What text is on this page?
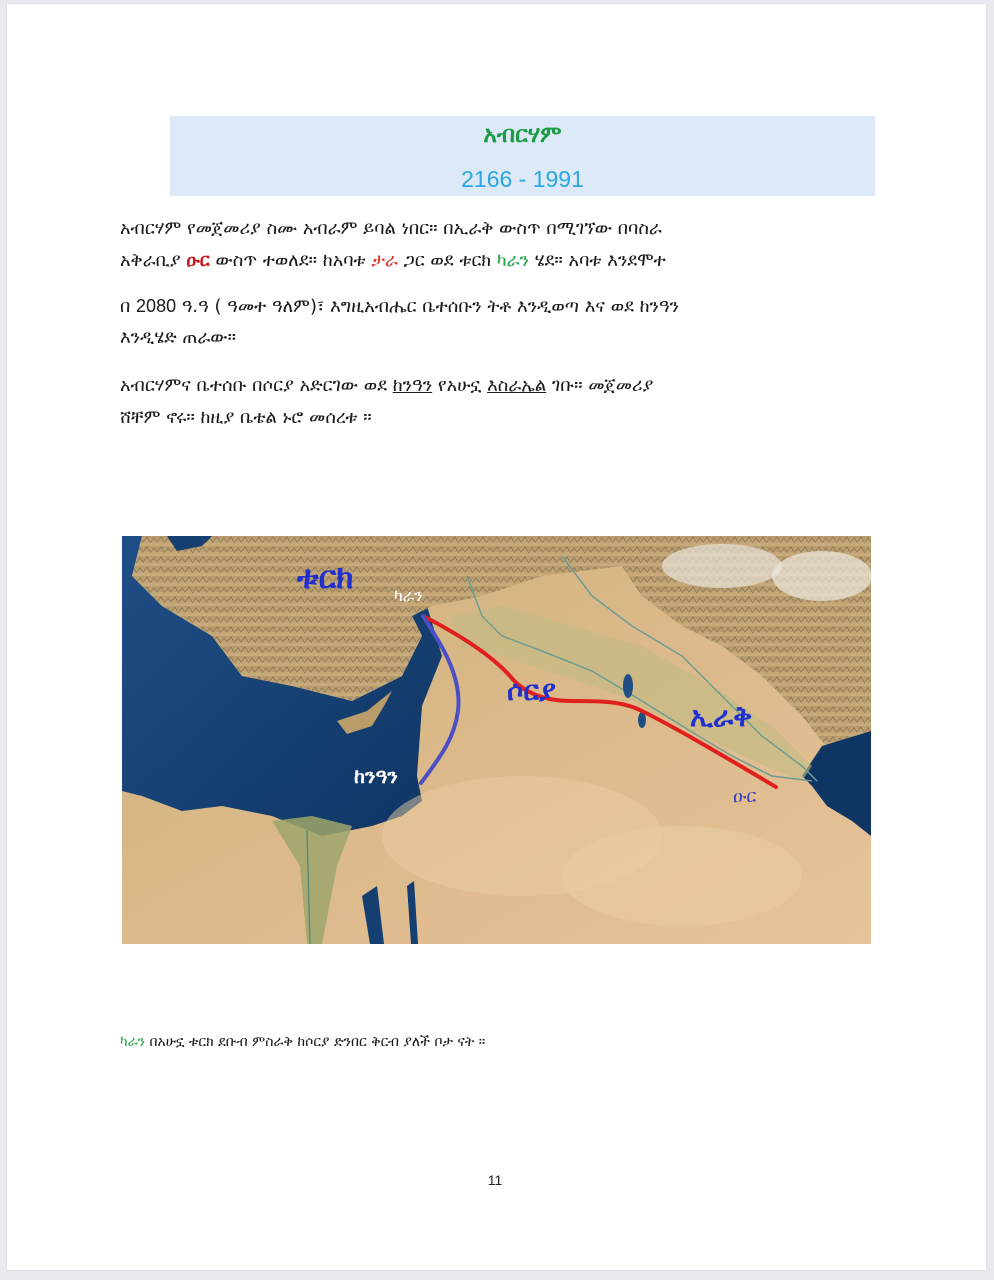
አብርሃም
2166 - 1991
አብርሃም የመጀመሪያ ስሙ አብራም ይባል ነበር። በኢራቅ ውስጥ በሚገኘው በባስራ
አቅራቢያ ዑር ውስጥ ተወለደ። ከአባቱ ታራ ጋር ወደ ቱርክ ካራን ሄደ። አባቱ እንደሞተ
በ 2080 ዓ.ዓ ( ዓመተ ዓለም)፣ እግዚአብሔር ቤተሰቡን ትቶ እንዲወጣ እና ወደ ከንዓን
እንዲሄድ ጠራው።
አብርሃምና ቤተሰቡ በሶርያ አድርገው ወደ ከንዓን የአሁኗ እስራኤል ገቡ። መጀመሪያ
ሸቸም ኖሩ። ከዚያ ቤቴል ኑሮ መሰረቱ ።
ቱርክ	ካራን
ሶርያ
ኢራቅ
ከንዓን
ዑር
ካራን በአሁኗ ቱርክ ደቡብ ምስራቅ ከሶርያ ድንበር ቅርብ ያለች ቦታ ናት ።
11
